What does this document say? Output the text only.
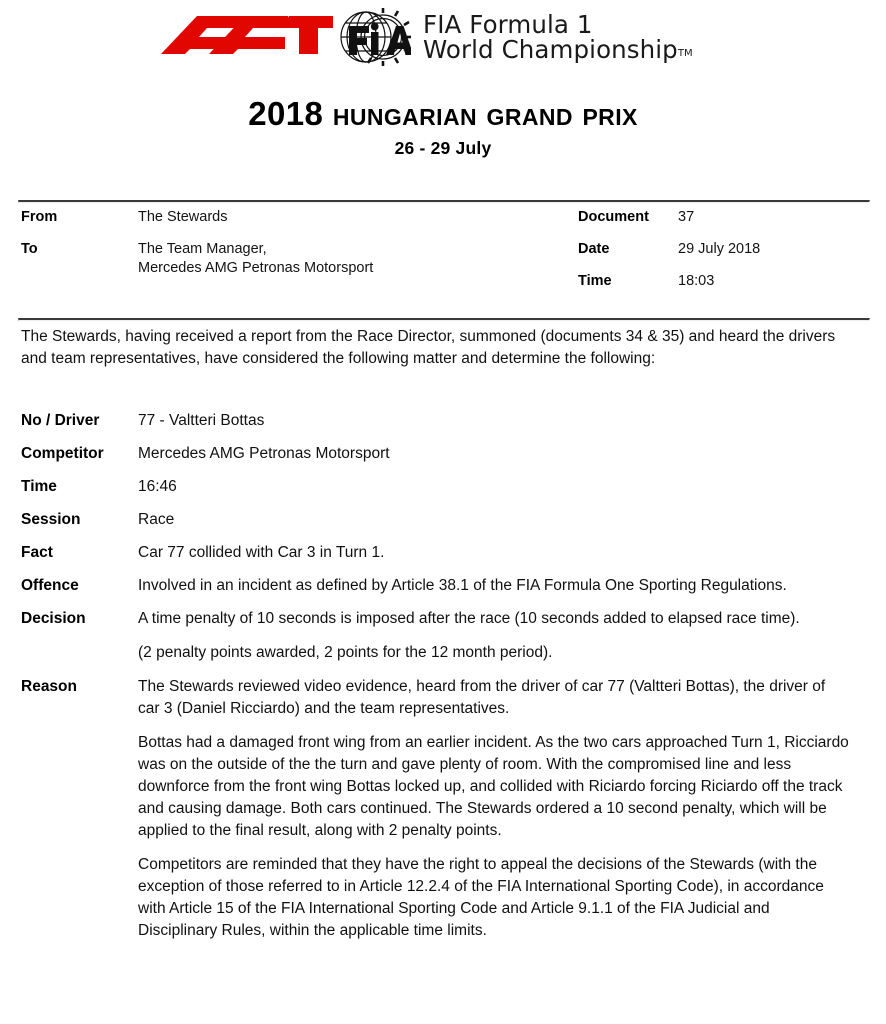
FIA Formula 1
World ChampionshipTM
2018 hungarian grand prix
26 - 29 July
From	The Stewards
To	The Team Manager,
Mercedes AMG Petronas Motorsport
Document	37
Date	29 July 2018
Time	18:03
The Stewards, having received a report from the Race Director, summoned (documents 34 & 35) and heard the drivers and team representatives, have considered the following matter and determine the following:
No / Driver	77 - Valtteri Bottas

Competitor	Mercedes AMG Petronas Motorsport

Time	16:46

Session	Race

Fact	Car 77 collided with Car 3 in Turn 1.

Offence	Involved in an incident as defined by Article 38.1 of the FIA Formula One Sporting Regulations.

Decision	A time penalty of 10 seconds is imposed after the race (10 seconds added to elapsed race time).

(2 penalty points awarded, 2 points for the 12 month period).

Reason	The Stewards reviewed video evidence, heard from the driver of car 77 (Valtteri Bottas), the driver of car 3 (Daniel Ricciardo) and the team representatives.

Bottas had a damaged front wing from an earlier incident. As the two cars approached Turn 1, Ricciardo was on the outside of the the turn and gave plenty of room. With the compromised line and less downforce from the front wing Bottas locked up, and collided with Riciardo forcing Riciardo off the track and causing damage. Both cars continued. The Stewards ordered a 10 second penalty, which will be applied to the final result, along with 2 penalty points.

Competitors are reminded that they have the right to appeal the decisions of the Stewards (with the exception of those referred to in Article 12.2.4 of the FIA International Sporting Code), in accordance with Article 15 of the FIA International Sporting Code and Article 9.1.1 of the FIA Judicial and Disciplinary Rules, within the applicable time limits.
